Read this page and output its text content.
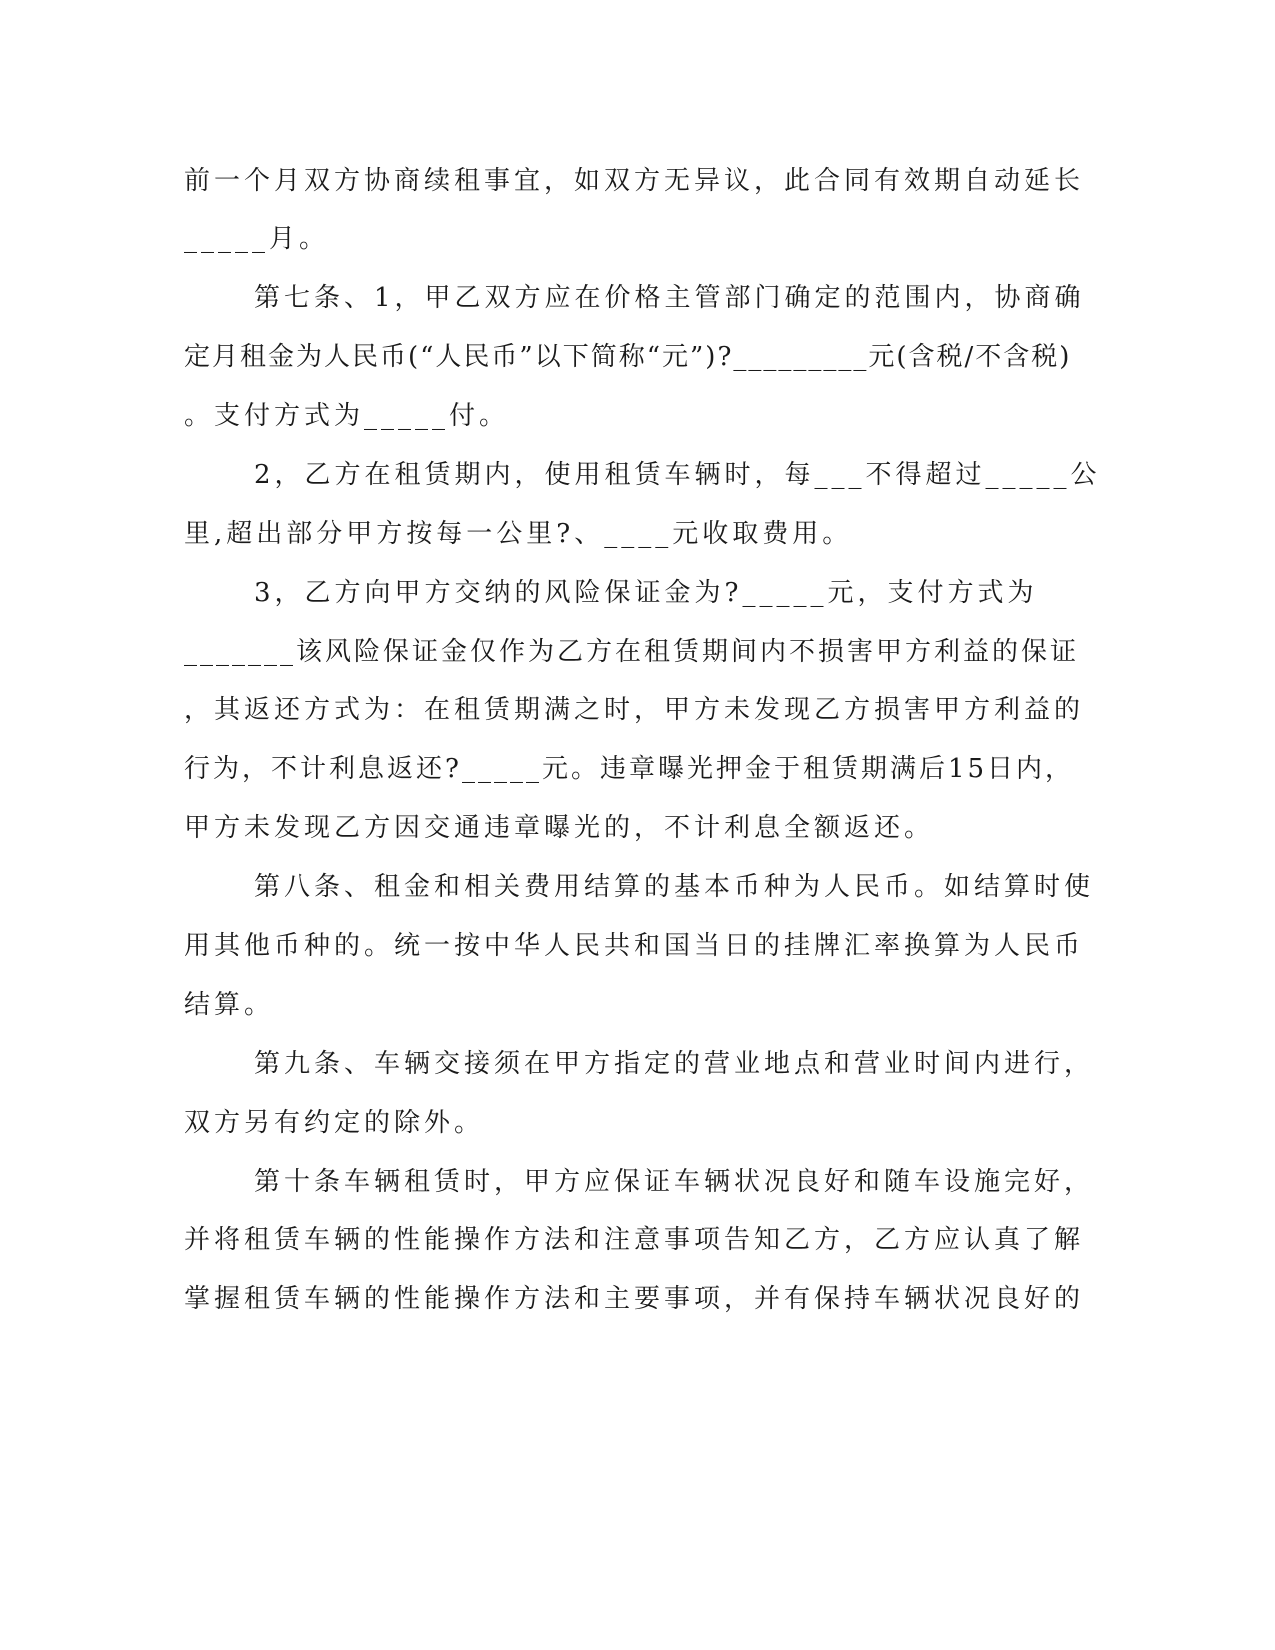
前一个月双方协商续租事宜，如双方无异议，此合同有效期自动延长
_____月。
第七条、1，甲乙双方应在价格主管部门确定的范围内，协商确
定月租金为人民币(“人民币”以下简称“元”)?_________元(含税/不含税)
。支付方式为_____付。
2，乙方在租赁期内，使用租赁车辆时，每___不得超过_____公
里,超出部分甲方按每一公里?、____元收取费用。
3，乙方向甲方交纳的风险保证金为?_____元，支付方式为
_______该风险保证金仅作为乙方在租赁期间内不损害甲方利益的保证
，其返还方式为：在租赁期满之时，甲方未发现乙方损害甲方利益的
行为，不计利息返还?_____元。违章曝光押金于租赁期满后15日内，
甲方未发现乙方因交通违章曝光的，不计利息全额返还。
第八条、租金和相关费用结算的基本币种为人民币。如结算时使
用其他币种的。统一按中华人民共和国当日的挂牌汇率换算为人民币
结算。
第九条、车辆交接须在甲方指定的营业地点和营业时间内进行，
双方另有约定的除外。
第十条车辆租赁时，甲方应保证车辆状况良好和随车设施完好，
并将租赁车辆的性能操作方法和注意事项告知乙方，乙方应认真了解
掌握租赁车辆的性能操作方法和主要事项，并有保持车辆状况良好的
